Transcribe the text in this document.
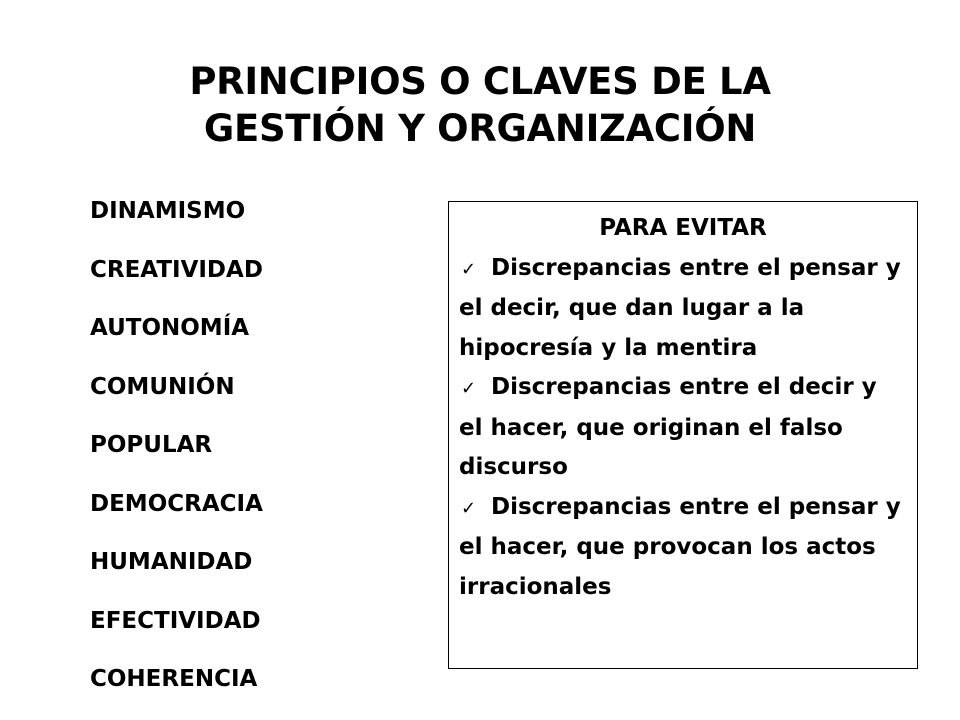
PRINCIPIOS O CLAVES DE LA
GESTIÓN Y ORGANIZACIÓN
DINAMISMO
CREATIVIDAD
AUTONOMÍA
COMUNIÓN
POPULAR
DEMOCRACIA
HUMANIDAD
EFECTIVIDAD
COHERENCIA

PARA EVITAR

✓ Discrepancias entre el pensar y el decir, que dan lugar a la hipocresía y la mentira

✓ Discrepancias entre el decir y el hacer, que originan el falso discurso

✓ Discrepancias entre el pensar y el hacer, que provocan los actos irracionales
